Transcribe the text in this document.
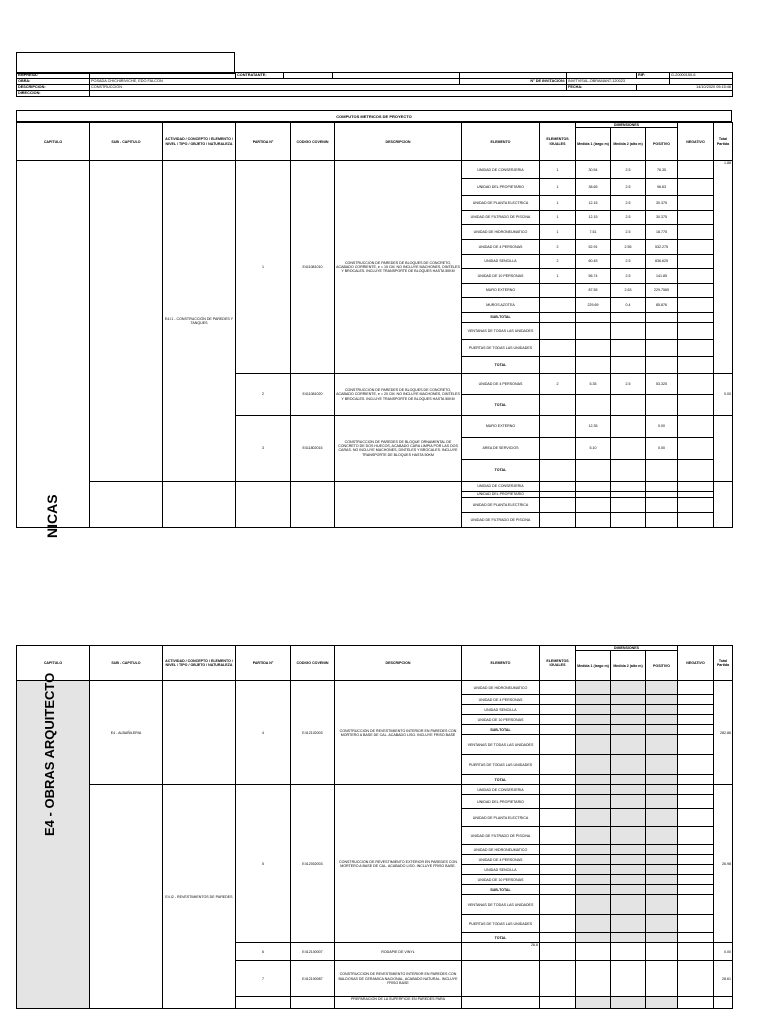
EMPRESA:		CONTRATANTE:					RIF:	G-20000150-6
OBRA:	POSADA CHICHIRIVICHE, EDO FALCON				N° DE INVITACION:	INVITVISAL-OBRAMANT-120023		
DESCRIPCION:	CONSTRUCCION					FECHA:	14/10/2020 05:15:46	
DIRECCION:								
COMPUTOS METRICOS DE PROYECTO
CAPITULO	SUB - CAPITULO	ACTIVIDAD / CONCEPTO / ELEMENTO / NIVEL / TIPO / OBJETO / NATURALEZA	PARTIDA N°	CODIGO COVENIN	DESCRIPCION	ELEMENTO	ELEMENTOS IGUALES	DIMENSIONES			NEGATIVO	Total Partida
								Medida 1 (largo m)	Medida 2 (alto m)	POSITIVO		
		E4.I1 - CONSTRUCCIÓN DE PAREDES Y TANQUES	1	E411081010	CONSTRUCCION DE PAREDES DE BLOQUES DE CONCRETO, ACABADO CORRIENTE, e = 15 CM. NO INCLUYE MACHONES, DINTELES Y BROCALES. INCLUYE TRANSPORTE DE BLOQUES HASTA 50KM	UNIDAD DE CONSERJERIA	1	30.54	2.5	76.35		1.88
						UNIDAD DEL PROPIETARIO	1	38.65	2.5	96.63		
						UNIDAD DE PLANTA ELECTRICA	1	12.15	2.5	30.375		
						UNIDAD DE FILTRADO DE PISCINA	1	12.15	2.5	30.375		
						UNIDAD DE HIDRONEUMATICO	1	7.51	2.5	18.775		
						UNIDAD DE 4 PERSONAS	2	52.91	2.55	532.275		
						UNIDAD SENCILLA	2	60.45	2.5	836.625		
						UNIDAD DE 10 PERSONAS	1	56.74	2.5	141.85		
						MURO EXTERNO		87.55	2.63	229.7565		
						MUROS AZOTEA		229.69	0.4	85.876		
						SUB-TOTAL						
						VENTANAS DE TODAS LAS UNIDADES						
						PUERTAS DE TODAS LAS UNIDADES						
						TOTAL						
			2	E411081020	CONSTRUCCION DE PAREDES DE BLOQUES DE CONCRETO, ACABADO CORRIENTE, e = 20 CM. NO INCLUYE MACHONES, DINTELES Y BROCALES. INCLUYE TRANSPORTE DE BLOQUES HASTA 50KM	UNIDAD DE 4 PERSONAS	2	5.35	2.5	53.325		0.00
						TOTAL						
			3	E411802015	CONSTRUCCION DE PAREDES DE BLOQUE ORNAMENTAL DE CONCRETO DE DOS HUECOS, ACABADO CARA LIMPIA POR LAS DOS CARAS. NO INCLUYE MACHONES, DINTELES Y BROCALES. INCLUYE TRANSPORTE DE BLOQUES HASTA 50KM	MURO EXTERNO		12.35		0.00		
						AREA DE SERVICIOS		5.10		0.00		
						TOTAL						
						UNIDAD DE CONSERJERIA						
						UNIDAD DEL PROPIETARIO						
						UNIDAD DE PLANTA ELECTRICA						
						UNIDAD DE FILTRADO DE PISCINA						
NICAS
CAPITULO	SUB - CAPITULO	ACTIVIDAD / CONCEPTO / ELEMENTO / NIVEL / TIPO / OBJETO / NATURALEZA	PARTIDA N°	CODIGO COVENIN	DESCRIPCION	ELEMENTO	ELEMENTOS IGUALES	DIMENSIONES			NEGATIVO	Total Partida
								Medida 1 (largo m)	Medida 2 (alto m)	POSITIVO		
	E4 - ALBAÑILERIA		4	E412102003	CONSTRUCCION DE REVESTIMIENTO INTERIOR EN PAREDES CON MORTERO A BASE DE CAL. ACABADO LISO. INCLUYE FRISO BASE	UNIDAD DE HIDRONEUMATICO						282.86
						UNIDAD DE 4 PERSONAS						
						UNIDAD SENCILLA						
						UNIDAD DE 10 PERSONAS						
						SUB-TOTAL						
						VENTANAS DE TODAS LAS UNIDADES						
						PUERTAS DE TODAS LAS UNIDADES						
						TOTAL						
		E4.I2 - REVESTIMIENTOS DE PAREDES	5	E412002003	CONSTRUCCION DE REVESTIMIENTO EXTERIOR EN PAREDES CON MORTERO A BASE DE CAL. ACABADO LISO. INCLUYE FRISO BASE.	UNIDAD DE CONSERJERIA						26.98
						UNIDAD DEL PROPIETARIO						
						UNIDAD DE PLANTA ELECTRICA						
						UNIDAD DE FILTRADO DE PISCINA						
						UNIDAD DE HIDRONEUMATICO						
						UNIDAD DE 4 PERSONAS						
						UNIDAD SENCILLA						
						UNIDAD DE 10 PERSONAS						
						SUB-TOTAL						
						VENTANAS DE TODAS LAS UNIDADES						
						PUERTAS DE TODAS LAS UNIDADES						
						TOTAL						
			6	E412100007	RODAPIE DE VINYL	26.6						0.00
			7	E412100087	CONSTRUCCION DE REVESTIMIENTO INTERIOR EN PAREDES CON BALDOSAS DE CERAMICA NACIONAL, ACABADO NATURAL. INCLUYE FRISO BASE							28.61
					PREPARACION DE LA SUPERFICIE EN PAREDES PARA							
E4 - OBRAS ARQUITECTO
